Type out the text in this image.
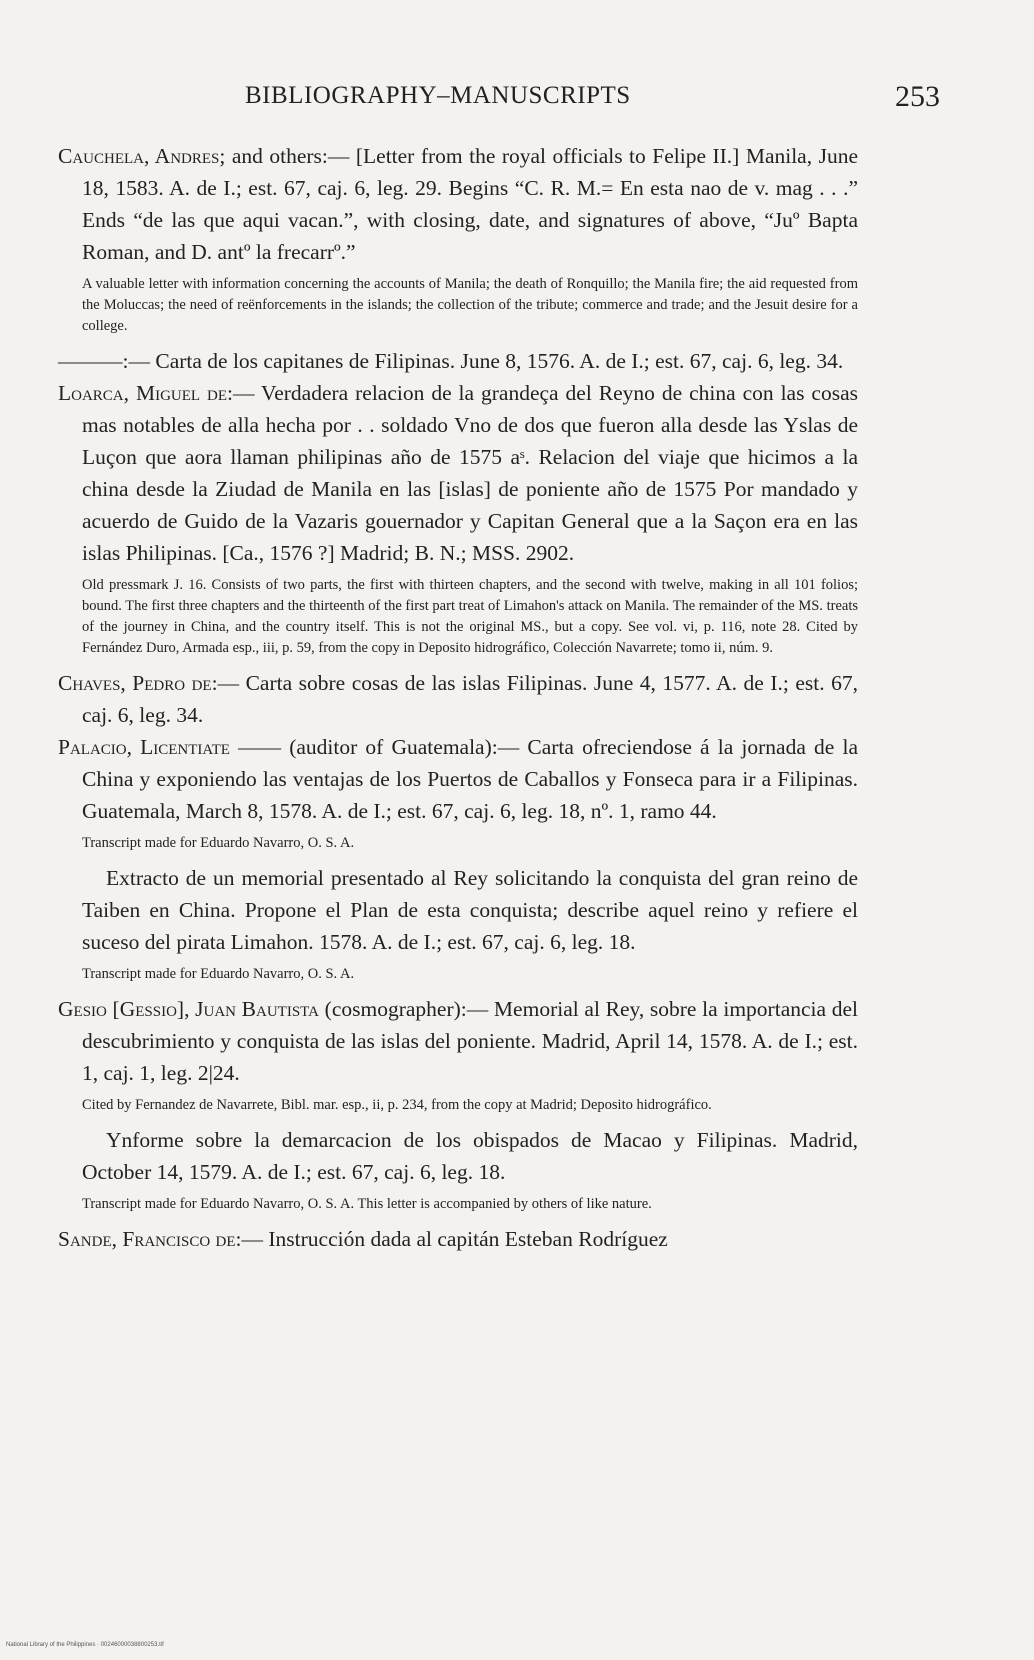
BIBLIOGRAPHY–MANUSCRIPTS	253

Cauchela, Andres; and others:— [Letter from the royal officials to Felipe II.] Manila, June 18, 1583. A. de I.; est. 67, caj. 6, leg. 29. Begins “C. R. M.= En esta nao de v. mag . . .” Ends “de las que aqui vacan.”, with closing, date, and signatures of above, “Juº Bapta Roman, and D. antº la frecarrº.”

A valuable letter with information concerning the accounts of Manila; the death of Ronquillo; the Manila fire; the aid requested from the Moluccas; the need of reënforcements in the islands; the collection of the tribute; commerce and trade; and the Jesuit desire for a college.

———:— Carta de los capitanes de Filipinas. June 8, 1576. A. de I.; est. 67, caj. 6, leg. 34.

Loarca, Miguel de:— Verdadera relacion de la grandeça del Reyno de china con las cosas mas notables de alla hecha por . . soldado Vno de dos que fueron alla desde las Yslas de Luçon que aora llaman philipinas año de 1575 aˢ. Relacion del viaje que hicimos a la china desde la Ziudad de Manila en las [islas] de poniente año de 1575 Por mandado y acuerdo de Guido de la Vazaris gouernador y Capitan General que a la Saçon era en las islas Philipinas. [Ca., 1576 ?] Madrid; B. N.; MSS. 2902.

Old pressmark J. 16. Consists of two parts, the first with thirteen chapters, and the second with twelve, making in all 101 folios; bound. The first three chapters and the thirteenth of the first part treat of Limahon's attack on Manila. The remainder of the MS. treats of the journey in China, and the country itself. This is not the original MS., but a copy. See vol. vi, p. 116, note 28. Cited by Fernández Duro, Armada esp., iii, p. 59, from the copy in Deposito hidrográfico, Colección Navarrete; tomo ii, núm. 9.

Chaves, Pedro de:— Carta sobre cosas de las islas Filipinas. June 4, 1577. A. de I.; est. 67, caj. 6, leg. 34.

Palacio, Licentiate —— (auditor of Guatemala):— Carta ofreciendose á la jornada de la China y exponiendo las ventajas de los Puertos de Caballos y Fonseca para ir a Filipinas. Guatemala, March 8, 1578. A. de I.; est. 67, caj. 6, leg. 18, nº. 1, ramo 44.

Transcript made for Eduardo Navarro, O. S. A.

Extracto de un memorial presentado al Rey solicitando la conquista del gran reino de Taiben en China. Propone el Plan de esta conquista; describe aquel reino y refiere el suceso del pirata Limahon. 1578. A. de I.; est. 67, caj. 6, leg. 18.

Transcript made for Eduardo Navarro, O. S. A.

Gesio [Gessio], Juan Bautista (cosmographer):— Memorial al Rey, sobre la importancia del descubrimiento y conquista de las islas del poniente. Madrid, April 14, 1578. A. de I.; est. 1, caj. 1, leg. 2|24.

Cited by Fernandez de Navarrete, Bibl. mar. esp., ii, p. 234, from the copy at Madrid; Deposito hidrográfico.

Ynforme sobre la demarcacion de los obispados de Macao y Filipinas. Madrid, October 14, 1579. A. de I.; est. 67, caj. 6, leg. 18.

Transcript made for Eduardo Navarro, O. S. A. This letter is accompanied by others of like nature.

Sande, Francisco de:— Instrucción dada al capitán Esteban Rodríguez

National Library of the Philippines · 00246000038800253.tif
